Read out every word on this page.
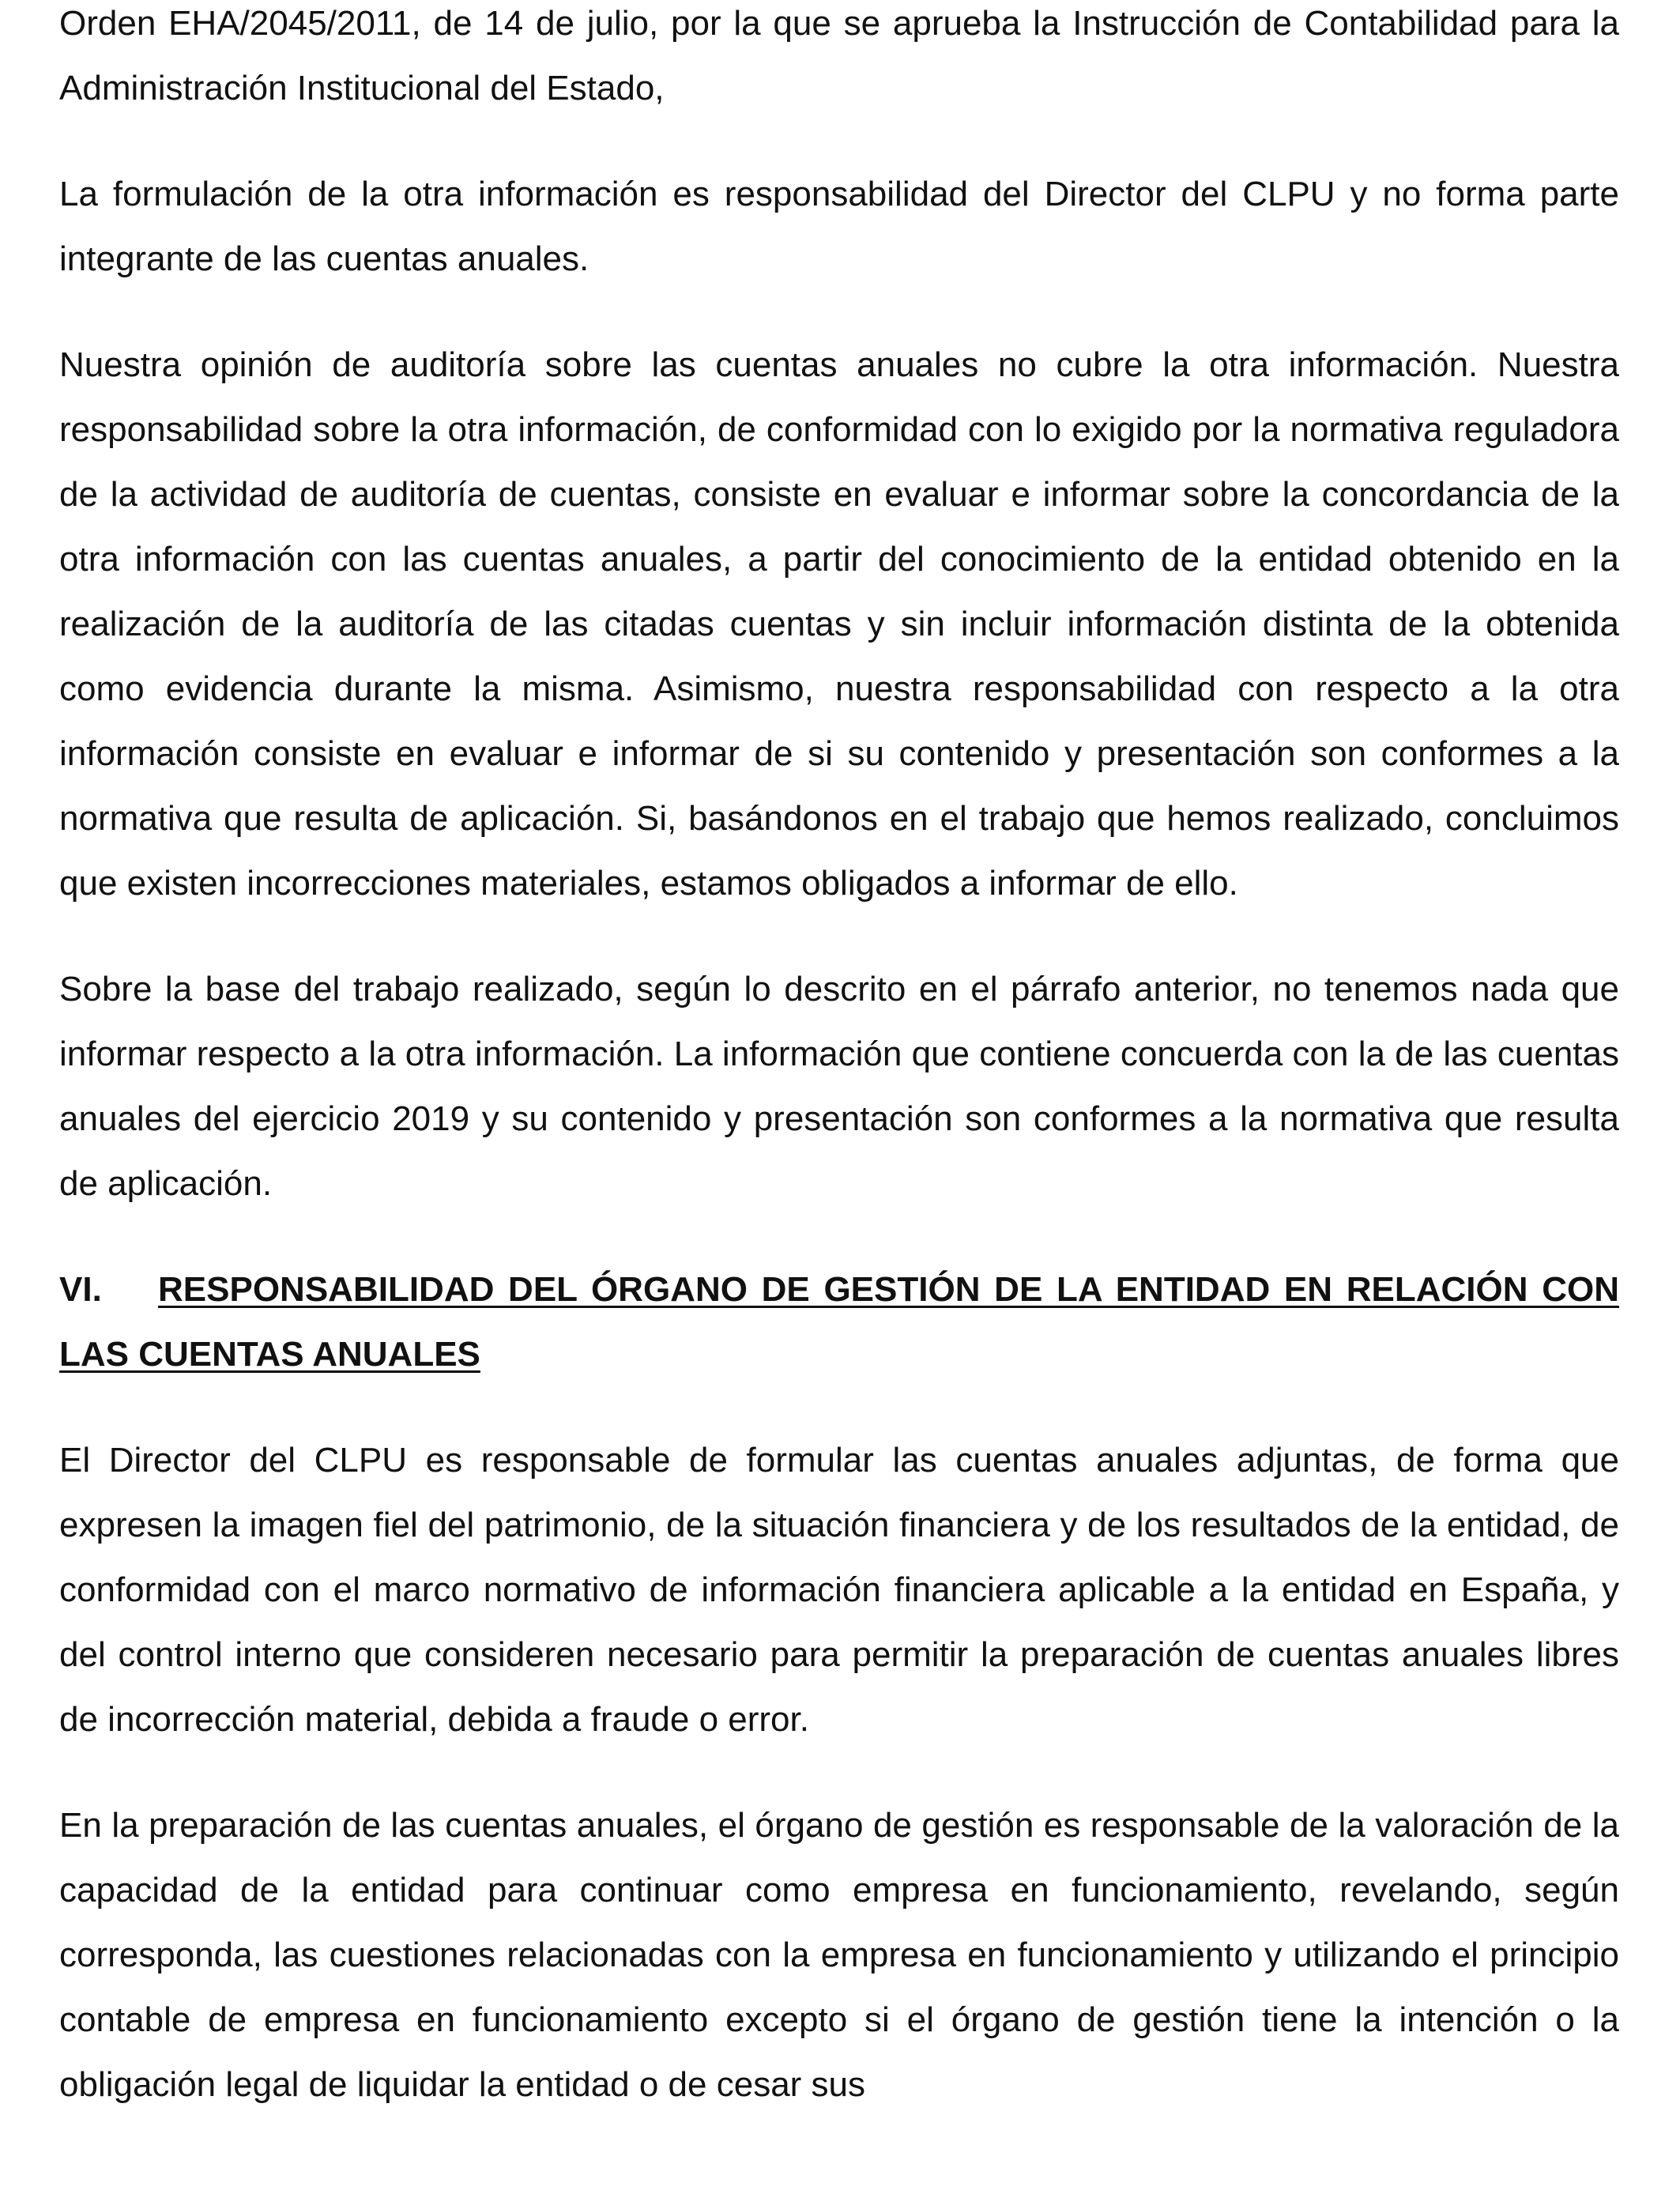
Orden EHA/2045/2011, de 14 de julio, por la que se aprueba la Instrucción de Contabilidad para la Administración Institucional del Estado,

La formulación de la otra información es responsabilidad del Director del CLPU y no forma parte integrante de las cuentas anuales.

Nuestra opinión de auditoría sobre las cuentas anuales no cubre la otra información. Nuestra responsabilidad sobre la otra información, de conformidad con lo exigido por la normativa reguladora de la actividad de auditoría de cuentas, consiste en evaluar e informar sobre la concordancia de la otra información con las cuentas anuales, a partir del conocimiento de la entidad obtenido en la realización de la auditoría de las citadas cuentas y sin incluir información distinta de la obtenida como evidencia durante la misma. Asimismo, nuestra responsabilidad con respecto a la otra información consiste en evaluar e informar de si su contenido y presentación son conformes a la normativa que resulta de aplicación. Si, basándonos en el trabajo que hemos realizado, concluimos que existen incorrecciones materiales, estamos obligados a informar de ello.

Sobre la base del trabajo realizado, según lo descrito en el párrafo anterior, no tenemos nada que informar respecto a la otra información. La información que contiene concuerda con la de las cuentas anuales del ejercicio 2019 y su contenido y presentación son conformes a la normativa que resulta de aplicación.

VI. RESPONSABILIDAD DEL ÓRGANO DE GESTIÓN DE LA ENTIDAD EN RELACIÓN CON LAS CUENTAS ANUALES

El Director del CLPU es responsable de formular las cuentas anuales adjuntas, de forma que expresen la imagen fiel del patrimonio, de la situación financiera y de los resultados de la entidad, de conformidad con el marco normativo de información financiera aplicable a la entidad en España, y del control interno que consideren necesario para permitir la preparación de cuentas anuales libres de incorrección material, debida a fraude o error.

En la preparación de las cuentas anuales, el órgano de gestión es responsable de la valoración de la capacidad de la entidad para continuar como empresa en funcionamiento, revelando, según corresponda, las cuestiones relacionadas con la empresa en funcionamiento y utilizando el principio contable de empresa en funcionamiento excepto si el órgano de gestión tiene la intención o la obligación legal de liquidar la entidad o de cesar sus
